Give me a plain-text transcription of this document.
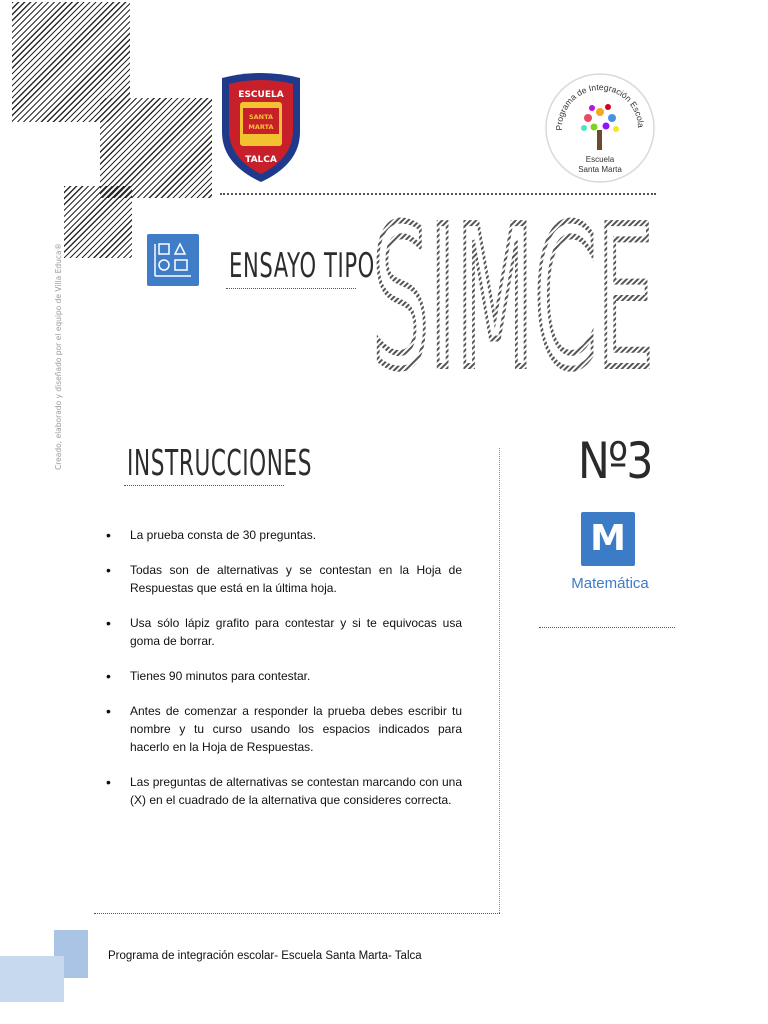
Creado, elaborado y diseñado por el equipo de Villa Educa®
ESCUELA
SANTA
MARTA
TALCA
Programa de Integración Escola
Escuela
Santa Marta
ENSAYO TIPO
SIMCE
INSTRUCCIONES
• La prueba consta de 30 preguntas.
• Todas son de alternativas y se contestan en la Hoja de Respuestas que está en la última hoja.
• Usa sólo lápiz grafito para contestar y si te equivocas usa goma de borrar.
• Tienes 90 minutos para contestar.
• Antes de comenzar a responder la prueba debes escribir tu nombre y tu curso usando los espacios indicados para hacerlo en la Hoja de Respuestas.
• Las preguntas de alternativas se contestan marcando con una (X) en el cuadrado de la alternativa que consideres correcta.
Nº3
M
Matemática
Programa de integración escolar- Escuela Santa Marta- Talca
